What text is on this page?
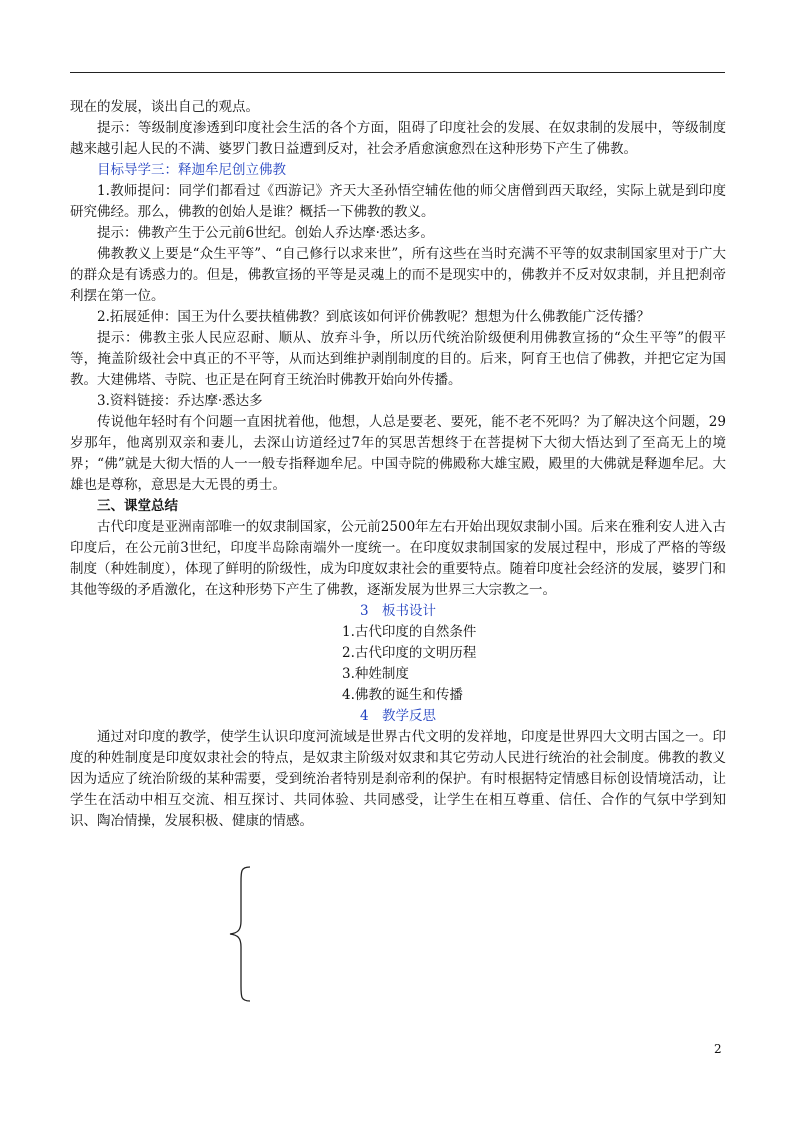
现在的发展，谈出自己的观点。

提示：等级制度渗透到印度社会生活的各个方面，阻碍了印度社会的发展、在奴隶制的发展中，等级制度越来越引起人民的不满、婆罗门教日益遭到反对，社会矛盾愈演愈烈在这种形势下产生了佛教。

目标导学三：释迦牟尼创立佛教

1.教师提问：同学们都看过《西游记》齐天大圣孙悟空辅佐他的师父唐僧到西天取经，实际上就是到印度研究佛经。那么，佛教的创始人是谁？概括一下佛教的教义。

提示：佛教产生于公元前6世纪。创始人乔达摩·悉达多。

佛教教义上要是“众生平等”、“自己修行以求来世”，所有这些在当时充满不平等的奴隶制国家里对于广大的群众是有诱惑力的。但是，佛教宣扬的平等是灵魂上的而不是现实中的，佛教并不反对奴隶制，并且把刹帝利摆在第一位。

2.拓展延伸：国王为什么要扶植佛教？到底该如何评价佛教呢？想想为什么佛教能广泛传播？

提示：佛教主张人民应忍耐、顺从、放弃斗争，所以历代统治阶级便利用佛教宣扬的“众生平等”的假平等，掩盖阶级社会中真正的不平等，从而达到维护剥削制度的目的。后来，阿育王也信了佛教，并把它定为国教。大建佛塔、寺院、也正是在阿育王统治时佛教开始向外传播。

3.资料链接：乔达摩·悉达多

传说他年轻时有个问题一直困扰着他，他想，人总是要老、要死，能不老不死吗？为了解决这个问题，29岁那年，他离别双亲和妻儿，去深山访道经过7年的冥思苦想终于在菩提树下大彻大悟达到了至高无上的境界；“佛”就是大彻大悟的人一一般专指释迦牟尼。中国寺院的佛殿称大雄宝殿，殿里的大佛就是释迦牟尼。大雄也是尊称，意思是大无畏的勇士。

三、课堂总结

古代印度是亚洲南部唯一的奴隶制国家，公元前2500年左右开始出现奴隶制小国。后来在雅利安人进入古印度后，在公元前3世纪，印度半岛除南端外一度统一。在印度奴隶制国家的发展过程中，形成了严格的等级制度（种姓制度），体现了鲜明的阶级性，成为印度奴隶社会的重要特点。随着印度社会经济的发展，婆罗门和其他等级的矛盾激化，在这种形势下产生了佛教，逐渐发展为世界三大宗教之一。

3　板书设计

1.古代印度的自然条件

2.古代印度的文明历程

3.种姓制度

4.佛教的诞生和传播

4　教学反思

通过对印度的教学，使学生认识印度河流域是世界古代文明的发祥地，印度是世界四大文明古国之一。印度的种姓制度是印度奴隶社会的特点，是奴隶主阶级对奴隶和其它劳动人民进行统治的社会制度。佛教的教义因为适应了统治阶级的某种需要，受到统治者特别是刹帝利的保护。有时根据特定情感目标创设情境活动，让学生在活动中相互交流、相互探讨、共同体验、共同感受，让学生在相互尊重、信任、合作的气氛中学到知识、陶冶情操，发展积极、健康的情感。

2
